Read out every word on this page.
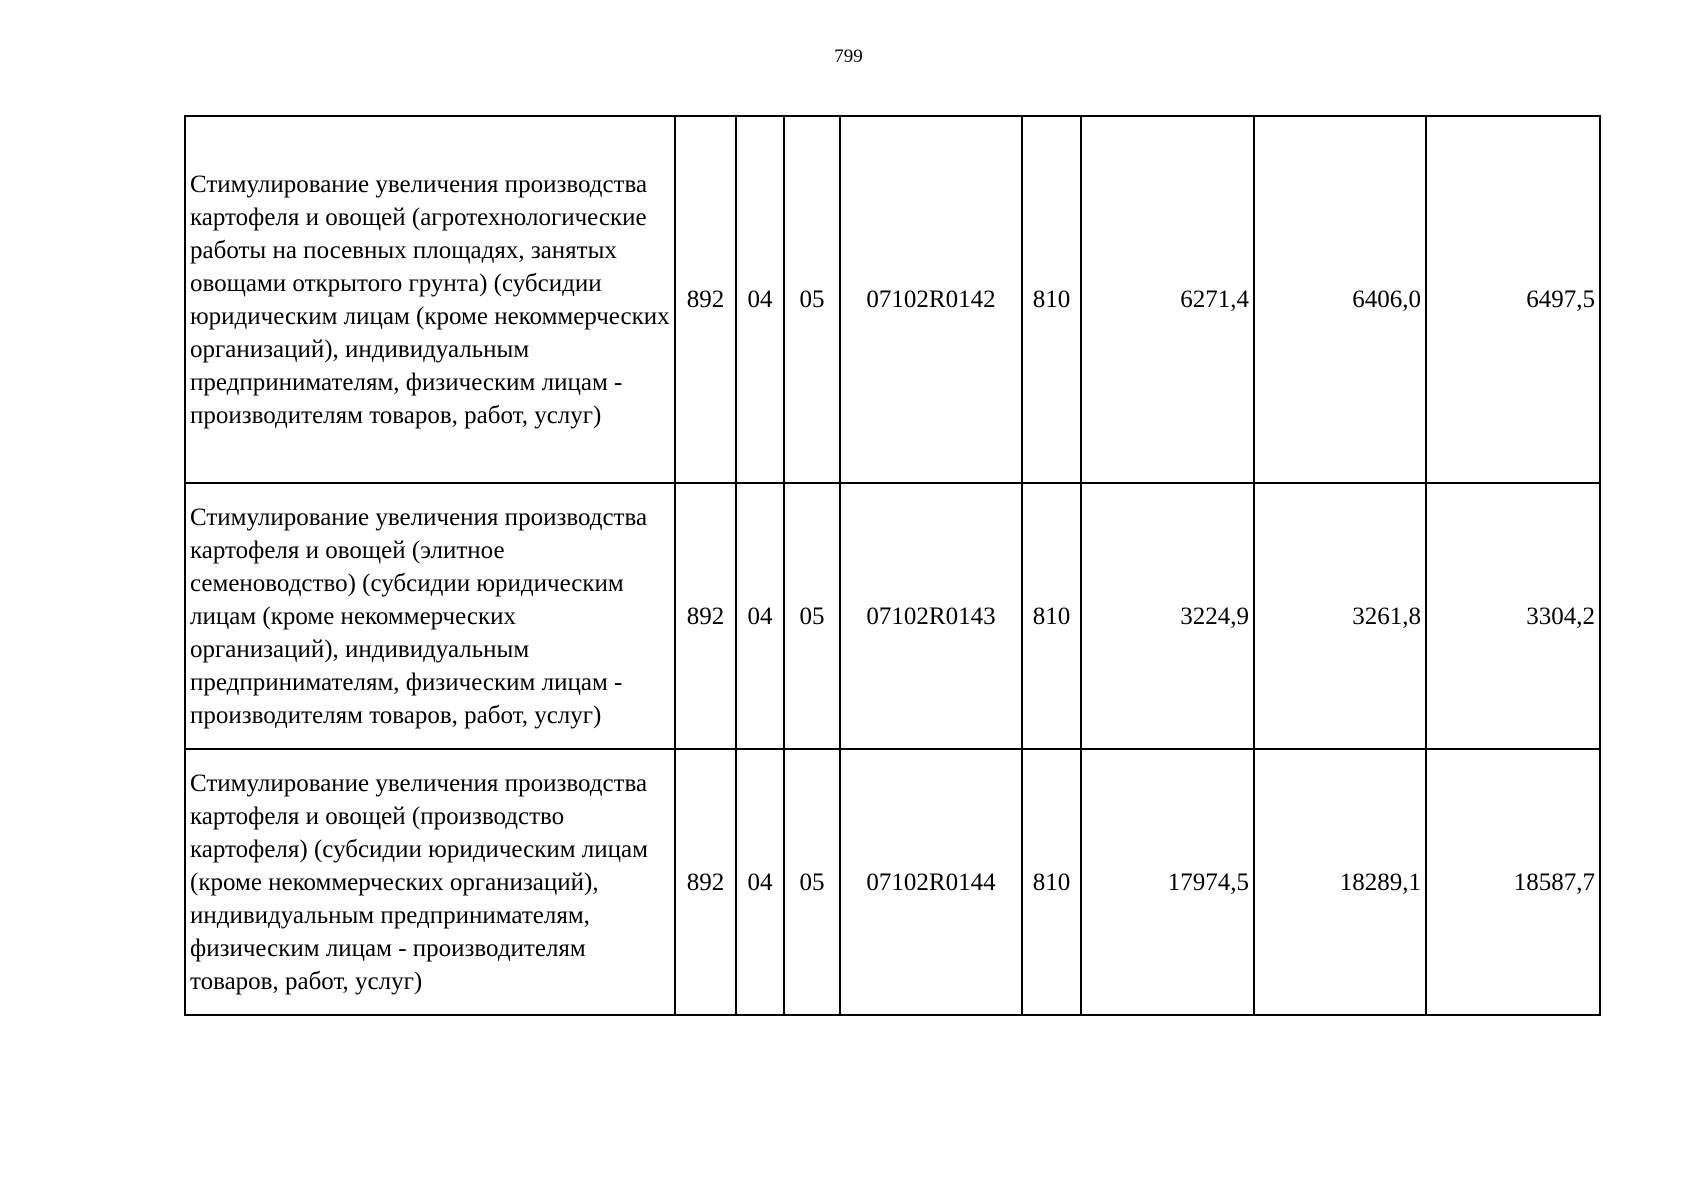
799
Стимулирование увеличения производства картофеля и овощей (агротехнологические работы на посевных площадях, занятых овощами открытого грунта) (субсидии юридическим лицам (кроме некоммерческих организаций), индивидуальным предпринимателям, физическим лицам - производителям товаров, работ, услуг)	892	04	05	07102R0142	810	6271,4	6406,0	6497,5
Стимулирование увеличения производства картофеля и овощей (элитное семеноводство) (субсидии юридическим лицам (кроме некоммерческих организаций), индивидуальным предпринимателям, физическим лицам - производителям товаров, работ, услуг)	892	04	05	07102R0143	810	3224,9	3261,8	3304,2
Стимулирование увеличения производства картофеля и овощей (производство картофеля) (субсидии юридическим лицам (кроме некоммерческих организаций), индивидуальным предпринимателям, физическим лицам - производителям товаров, работ, услуг)	892	04	05	07102R0144	810	17974,5	18289,1	18587,7
